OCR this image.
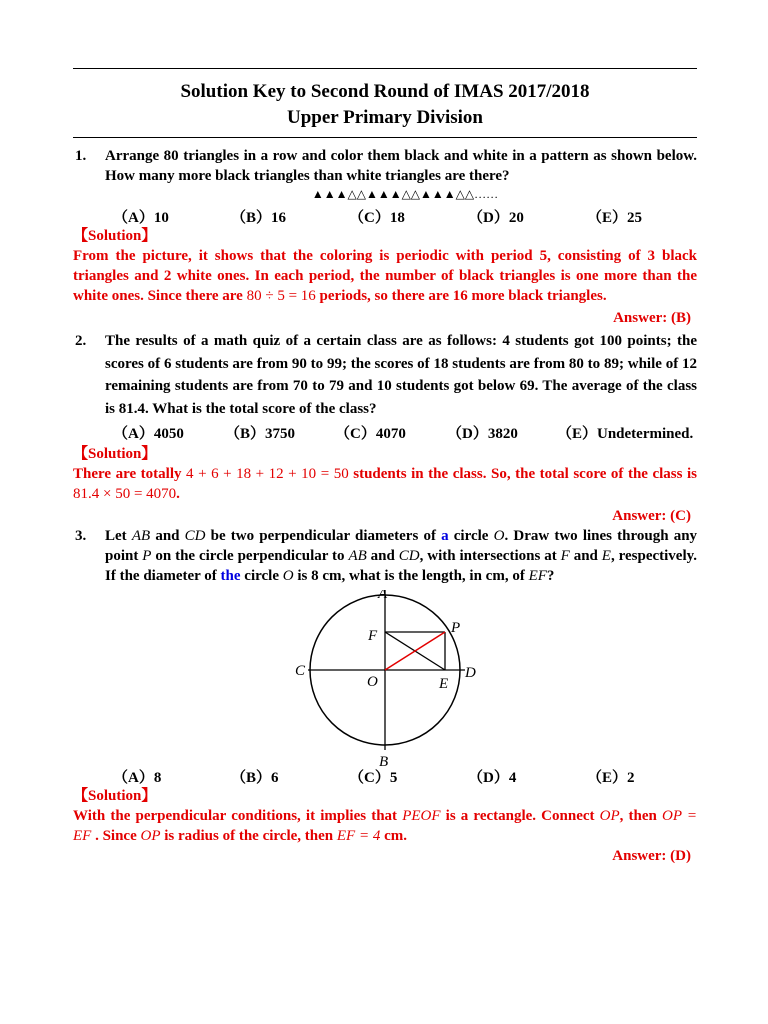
Solution Key to Second Round of IMAS 2017/2018
Upper Primary Division
1. Arrange 80 triangles in a row and color them black and white in a pattern as shown below. How many more black triangles than white triangles are there?
▲▲▲△△▲▲▲△△▲▲▲△△……
（A）10	（B）16	（C）18	（D）20	（E）25
【Solution】
From the picture, it shows that the coloring is periodic with period 5, consisting of 3 black triangles and 2 white ones. In each period, the number of black triangles is one more than the white ones. Since there are 80 ÷ 5 = 16 periods, so there are 16 more black triangles.
Answer: (B)
2. The results of a math quiz of a certain class are as follows: 4 students got 100 points; the scores of 6 students are from 90 to 99; the scores of 18 students are from 80 to 89; while of 12 remaining students are from 70 to 79 and 10 students got below 69. The average of the class is 81.4. What is the total score of the class?
（A）4050	（B）3750	（C）4070	（D）3820	（E）Undetermined.
【Solution】
There are totally 4 + 6 + 18 + 12 + 10 = 50 students in the class. So, the total score of the class is 81.4 × 50 = 4070.
Answer: (C)
3. Let AB and CD be two perpendicular diameters of a circle O. Draw two lines through any point P on the circle perpendicular to AB and CD, with intersections at F and E, respectively. If the diameter of the circle O is 8 cm, what is the length, in cm, of EF?
A
B
C	D
O	E
F	P
（A）8	（B）6	（C）5	（D）4	（E）2
【Solution】
With the perpendicular conditions, it implies that PEOF is a rectangle. Connect OP, then OP = EF . Since OP is radius of the circle, then EF = 4 cm.
Answer: (D)
